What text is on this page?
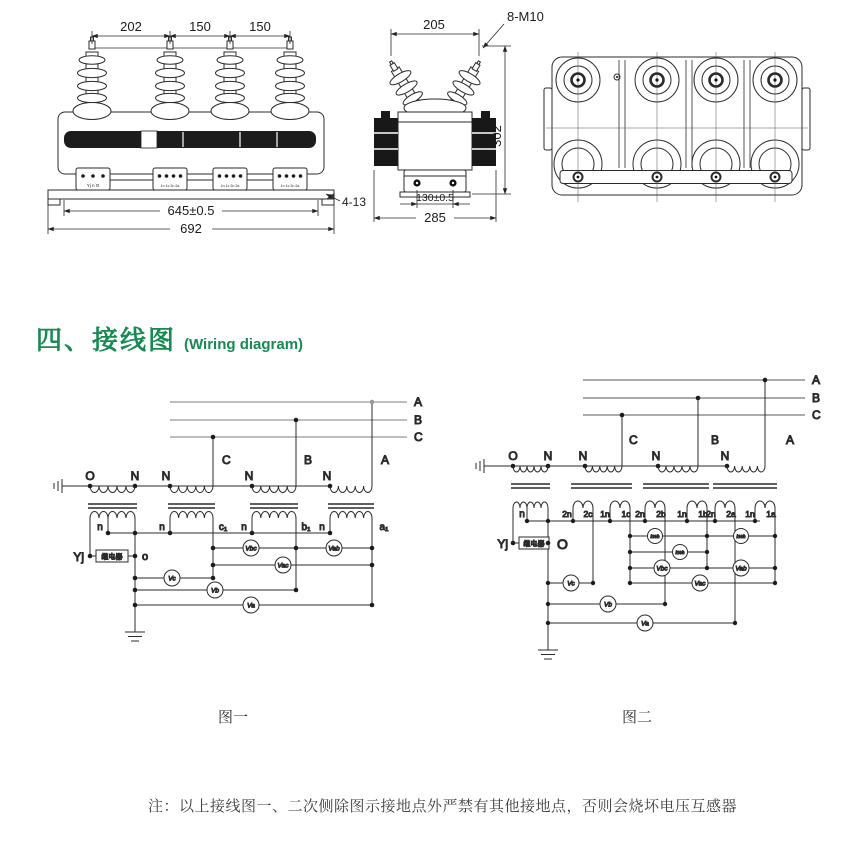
Yj n O	1n 1c 2n 2a	1n 1c 2n 2a	1n 1c 2n 2a
202	150	150
645±0.5
692
4-13
205
8-M10
302
130±0.5
285
四、接线图 (Wiring diagram)
A
B
C
C	B	A
O	N N	N	N
n	n	c₁ n	b₁ n	a₁
继电器
Yj	o
Vbc	Vab
Vac
Vc
Vb
Va
A
B
C
C	B	A
O N N	N	N
n	2n 2c 1n 1c 2n 2b 1n 1b
2n 2a 1n 1a
继电器
Yj	O	kWh	kWh
kWh
Vbc	Vab
Vac
Vc
Vb
Va
图一	图二
注：以上接线图一、二次侧除图示接地点外严禁有其他接地点，否则会烧坏电压互感器
